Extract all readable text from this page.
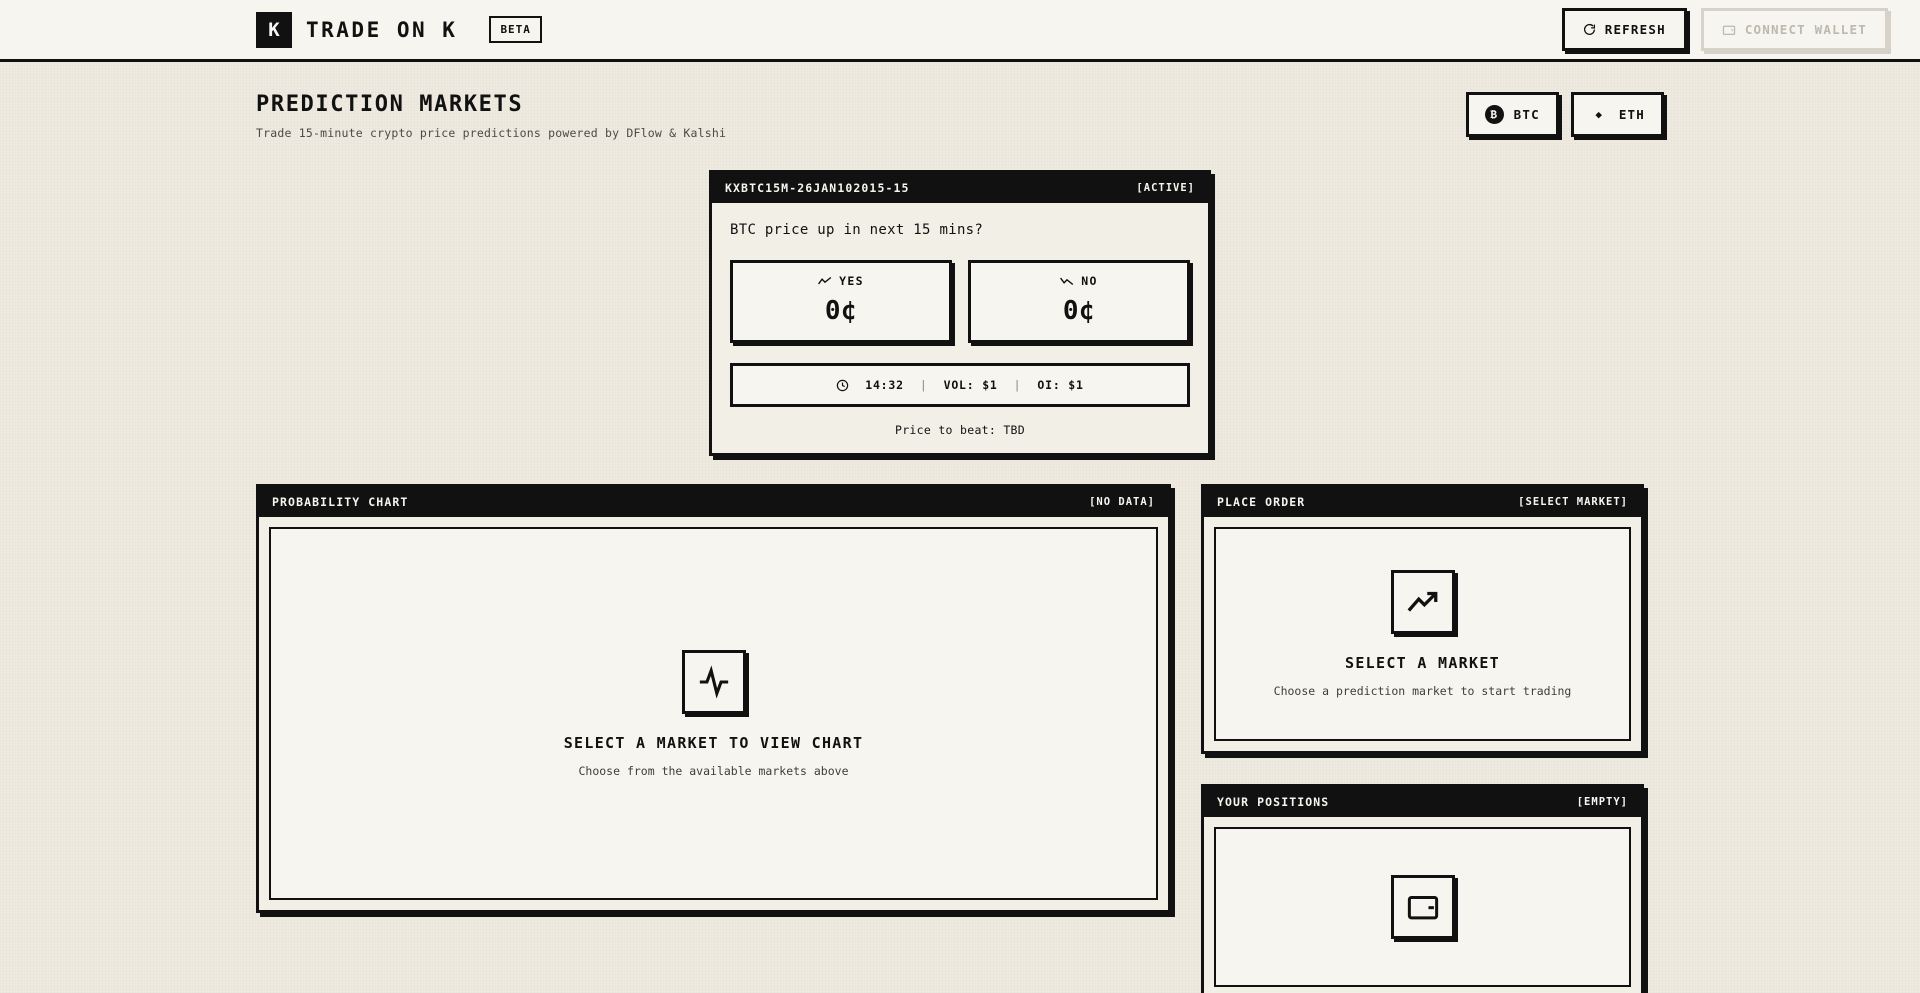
K	TRADE ON K	BETA	REFRESH	CONNECT WALLET
PREDICTION MARKETS
Trade 15-minute crypto price predictions powered by DFlow & Kalshi
₿	BTC	◆	ETH
KXBTC15M-26JAN102015-15	[ACTIVE]
BTC price up in next 15 mins?
YES
0¢
NO
0¢
14:32 | VOL: $1 | OI: $1
Price to beat: TBD
PROBABILITY CHART	[NO DATA]
SELECT A MARKET TO VIEW CHART
Choose from the available markets above
PLACE ORDER	[SELECT MARKET]
SELECT A MARKET
Choose a prediction market to start trading
YOUR POSITIONS	[EMPTY]
